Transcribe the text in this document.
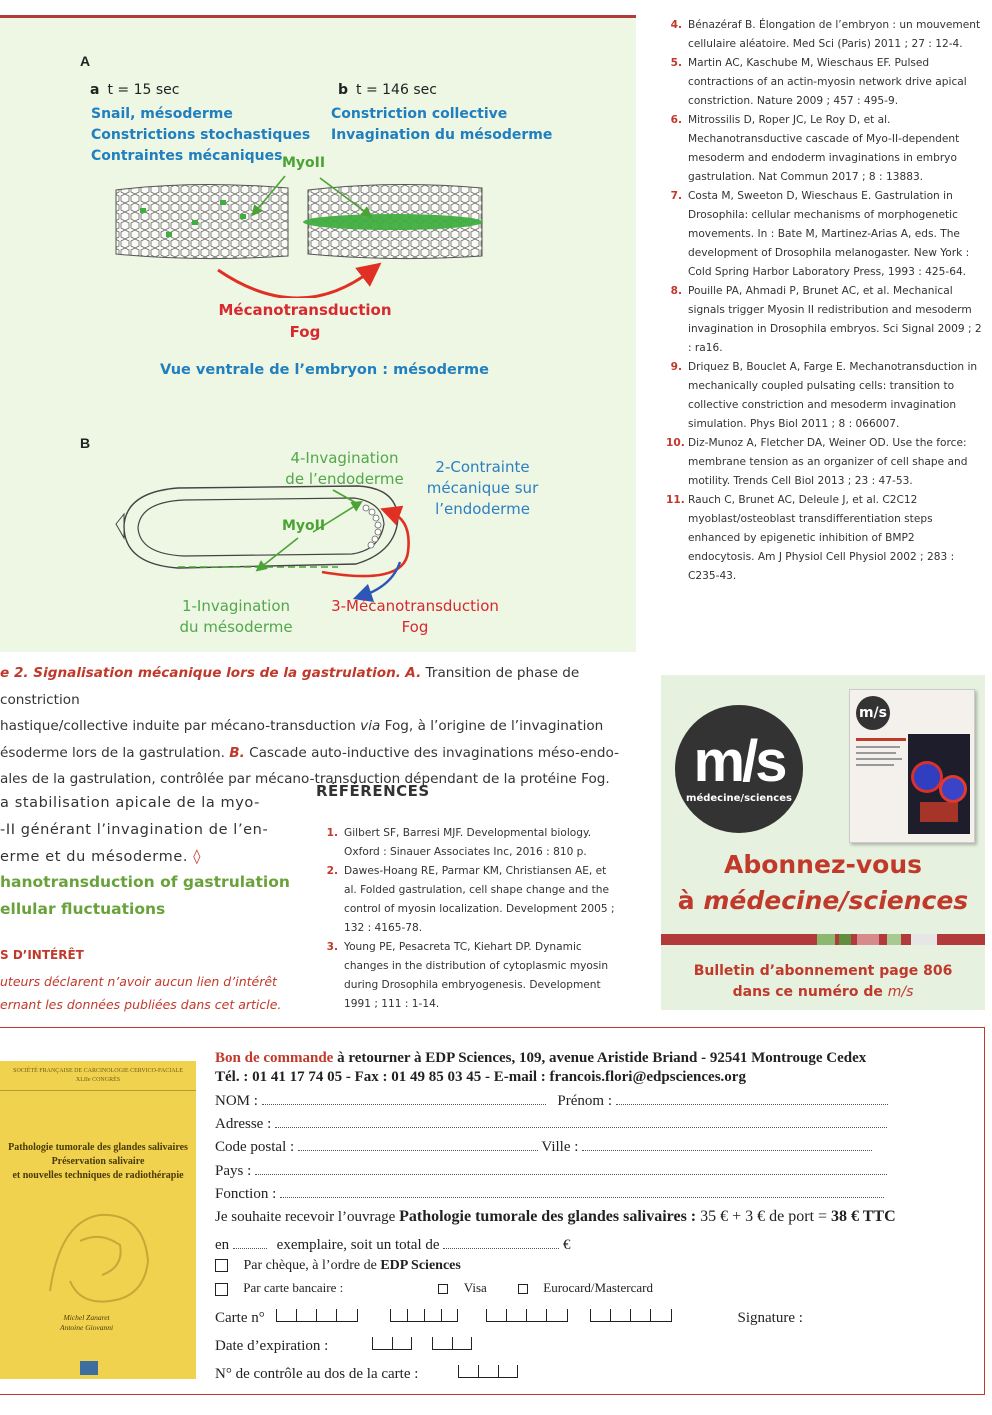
A
a t = 15 sec
Snail, mésoderme
Constrictions stochastiques
Contraintes mécaniques
b t = 146 sec
Constriction collective
Invagination du mésoderme
MyoII
Mécanotransduction
Fog
Vue ventrale de l’embryon : mésoderme
B
MyoII
4-Invagination
de l’endoderme
2-Contrainte
mécanique sur
l’endoderme
1-Invagination
du mésoderme
3-Mécanotransduction
Fog
e 2. Signalisation mécanique lors de la gastrulation. A. Transition de phase de constriction
hastique/collective induite par mécano-transduction via Fog, à l’origine de l’invagination
ésoderme lors de la gastrulation. B. Cascade auto-inductive des invaginations méso-endo-
ales de la gastrulation, contrôlée par mécano-transduction dépendant de la protéine Fog.
a stabilisation apicale de la myo-
-II générant l’invagination de l’en-
erme et du mésoderme. ◊
hanotransduction of gastrulation
ellular fluctuations
S D’INTÉRÊT
uteurs déclarent n’avoir aucun lien d’intérêt
ernant les données publiées dans cet article.
RÉFÉRENCES
1. Gilbert SF, Barresi MJF. Developmental biology. Oxford : Sinauer Associates Inc, 2016 : 810 p.
2. Dawes-Hoang RE, Parmar KM, Christiansen AE, et al. Folded gastrulation, cell shape change and the control of myosin localization. Development 2005 ; 132 : 4165-78.
3. Young PE, Pesacreta TC, Kiehart DP. Dynamic changes in the distribution of cytoplasmic myosin during Drosophila embryogenesis. Development 1991 ; 111 : 1-14.
4. Bénazéraf B. Élongation de l’embryon : un mouvement cellulaire aléatoire. Med Sci (Paris) 2011 ; 27 : 12-4.
5. Martin AC, Kaschube M, Wieschaus EF. Pulsed contractions of an actin-myosin network drive apical constriction. Nature 2009 ; 457 : 495-9.
6. Mitrossilis D, Roper JC, Le Roy D, et al. Mechanotransductive cascade of Myo-II-dependent mesoderm and endoderm invaginations in embryo gastrulation. Nat Commun 2017 ; 8 : 13883.
7. Costa M, Sweeton D, Wieschaus E. Gastrulation in Drosophila: cellular mechanisms of morphogenetic movements. In : Bate M, Martinez-Arias A, eds. The development of Drosophila melanogaster. New York : Cold Spring Harbor Laboratory Press, 1993 : 425-64.
8. Pouille PA, Ahmadi P, Brunet AC, et al. Mechanical signals trigger Myosin II redistribution and mesoderm invagination in Drosophila embryos. Sci Signal 2009 ; 2 : ra16.
9. Driquez B, Bouclet A, Farge E. Mechanotransduction in mechanically coupled pulsating cells: transition to collective constriction and mesoderm invagination simulation. Phys Biol 2011 ; 8 : 066007.
10. Diz-Munoz A, Fletcher DA, Weiner OD. Use the force: membrane tension as an organizer of cell shape and motility. Trends Cell Biol 2013 ; 23 : 47-53.
11. Rauch C, Brunet AC, Deleule J, et al. C2C12 myoblast/osteoblast transdifferentiation steps enhanced by epigenetic inhibition of BMP2 endocytosis. Am J Physiol Cell Physiol 2002 ; 283 : C235-43.
m/s
médecine/sciences
m/s
Abonnez-vous
à médecine/sciences
Bulletin d’abonnement page 806
dans ce numéro de m/s
SOCIÉTÉ FRANÇAISE DE CARCINOLOGIE CERVICO-FACIALE
XLIIe CONGRÈS
Pathologie tumorale des glandes salivaires
Préservation salivaire
et nouvelles techniques de radiothérapie
Michel Zanaret
Antoine Giovanni
Bon de commande à retourner à EDP Sciences, 109, avenue Aristide Briand - 92541 Montrouge Cedex
Tél. : 01 41 17 74 05 - Fax : 01 49 85 03 45 - E-mail : francois.flori@edpsciences.org
NOM :	Prénom :
Adresse :
Code postal :	Ville :
Pays :
Fonction :
Je souhaite recevoir l’ouvrage Pathologie tumorale des glandes salivaires : 35 € + 3 € de port = 38 € TTC
en	exemplaire, soit un total de	€
Par chèque, à l’ordre de EDP Sciences
Par carte bancaire :	Visa	Eurocard/Mastercard
Carte n°

	Signature :
Date d’expiration :

N° de contrôle au dos de la carte :
